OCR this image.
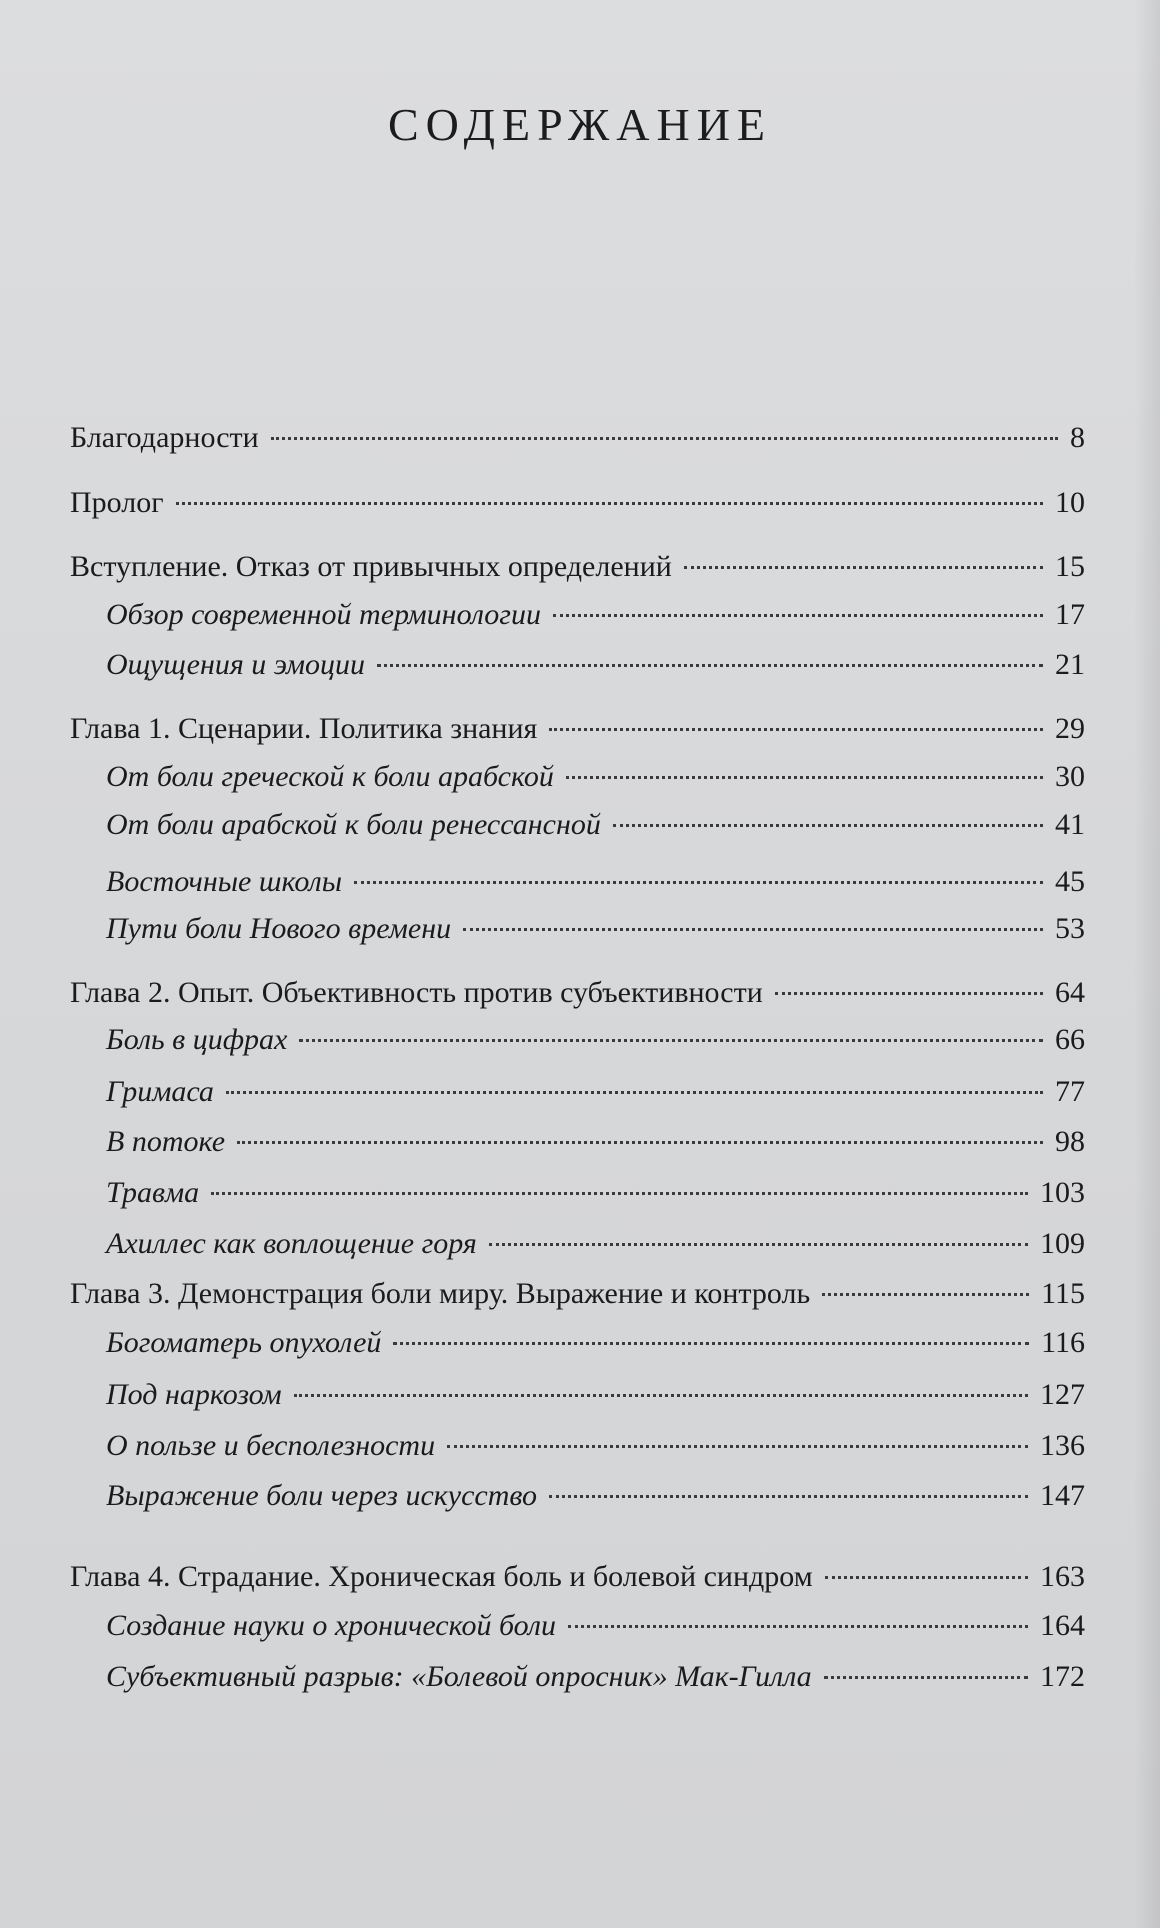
СОДЕРЖАНИЕ
Благодарности	8
Пролог	10
Вступление. Отказ от привычных определений	15
Обзор современной терминологии	17
Ощущения и эмоции	21
Глава 1. Сценарии. Политика знания	29
От боли греческой к боли арабской	30
От боли арабской к боли ренессансной	41
Восточные школы	45
Пути боли Нового времени	53
Глава 2. Опыт. Объективность против субъективности	64
Боль в цифрах	66
Гримаса	77
В потоке	98
Травма	103
Ахиллес как воплощение горя	109
Глава 3. Демонстрация боли миру. Выражение и контроль	115
Богоматерь опухолей	116
Под наркозом	127
О пользе и бесполезности	136
Выражение боли через искусство	147
Глава 4. Страдание. Хроническая боль и болевой синдром	163
Создание науки о хронической боли	164
Субъективный разрыв: «Болевой опросник» Мак-Гилла	172
